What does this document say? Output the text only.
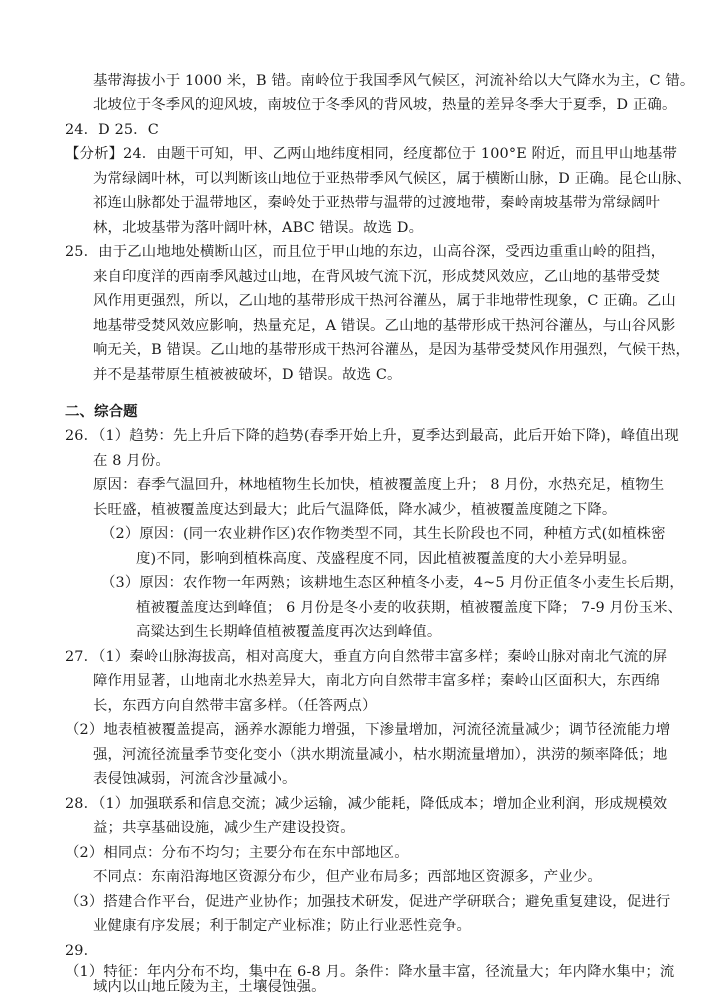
基带海拔小于 1000 米，B 错。南岭位于我国季风气候区，河流补给以大气降水为主，C 错。
北坡位于冬季风的迎风坡，南坡位于冬季风的背风坡，热量的差异冬季大于夏季，D 正确。
24．D 25．C
【分析】24．由题干可知，甲、乙两山地纬度相同，经度都位于 100°E 附近，而且甲山地基带
为常绿阔叶林，可以判断该山地位于亚热带季风气候区，属于横断山脉，D 正确。昆仑山脉、
祁连山脉都处于温带地区，秦岭处于亚热带与温带的过渡地带，秦岭南坡基带为常绿阔叶
林，北坡基带为落叶阔叶林，ABC 错误。故选 D。
25．由于乙山地地处横断山区，而且位于甲山地的东边，山高谷深，受西边重重山岭的阻挡，
来自印度洋的西南季风越过山地，在背风坡气流下沉，形成焚风效应，乙山地的基带受焚
风作用更强烈，所以，乙山地的基带形成干热河谷灌丛，属于非地带性现象，C 正确。乙山
地基带受焚风效应影响，热量充足，A 错误。乙山地的基带形成干热河谷灌丛，与山谷风影
响无关，B 错误。乙山地的基带形成干热河谷灌丛，是因为基带受焚风作用强烈，气候干热，
并不是基带原生植被被破坏，D 错误。故选 C。
二、综合题
26．（1）趋势：先上升后下降的趋势(春季开始上升，夏季达到最高，此后开始下降)，峰值出现
在 8 月份。
原因：春季气温回升，林地植物生长加快，植被覆盖度上升； 8 月份，水热充足，植物生
长旺盛，植被覆盖度达到最大；此后气温降低，降水减少，植被覆盖度随之下降。
（2）原因：(同一农业耕作区)农作物类型不同，其生长阶段也不同，种植方式(如植株密
度)不同，影响到植株高度、茂盛程度不同，因此植被覆盖度的大小差异明显。
（3）原因：农作物一年两熟；该耕地生态区种植冬小麦，4~5 月份正值冬小麦生长后期，
植被覆盖度达到峰值； 6 月份是冬小麦的收获期，植被覆盖度下降； 7-9 月份玉米、
高粱达到生长期峰值植被覆盖度再次达到峰值。
27．（1）秦岭山脉海拔高，相对高度大，垂直方向自然带丰富多样；秦岭山脉对南北气流的屏
障作用显著，山地南北水热差异大，南北方向自然带丰富多样；秦岭山区面积大，东西绵
长，东西方向自然带丰富多样。（任答两点）
（2）地表植被覆盖提高，涵养水源能力增强，下渗量增加，河流径流量减少；调节径流能力增
强，河流径流量季节变化变小（洪水期流量减小，枯水期流量增加），洪涝的频率降低；地
表侵蚀减弱，河流含沙量减小。
28．（1）加强联系和信息交流；减少运输，减少能耗，降低成本；增加企业利润，形成规模效
益；共享基础设施，减少生产建设投资。
（2）相同点：分布不均匀；主要分布在东中部地区。
不同点：东南沿海地区资源分布少，但产业布局多；西部地区资源多，产业少。
（3）搭建合作平台，促进产业协作；加强技术研发，促进产学研联合；避免重复建设，促进行
业健康有序发展；利于制定产业标准；防止行业恶性竞争。
29．
（1）特征：年内分布不均，集中在 6-8 月。条件：降水量丰富，径流量大；年内降水集中；流
域内以山地丘陵为主，土壤侵蚀强。
